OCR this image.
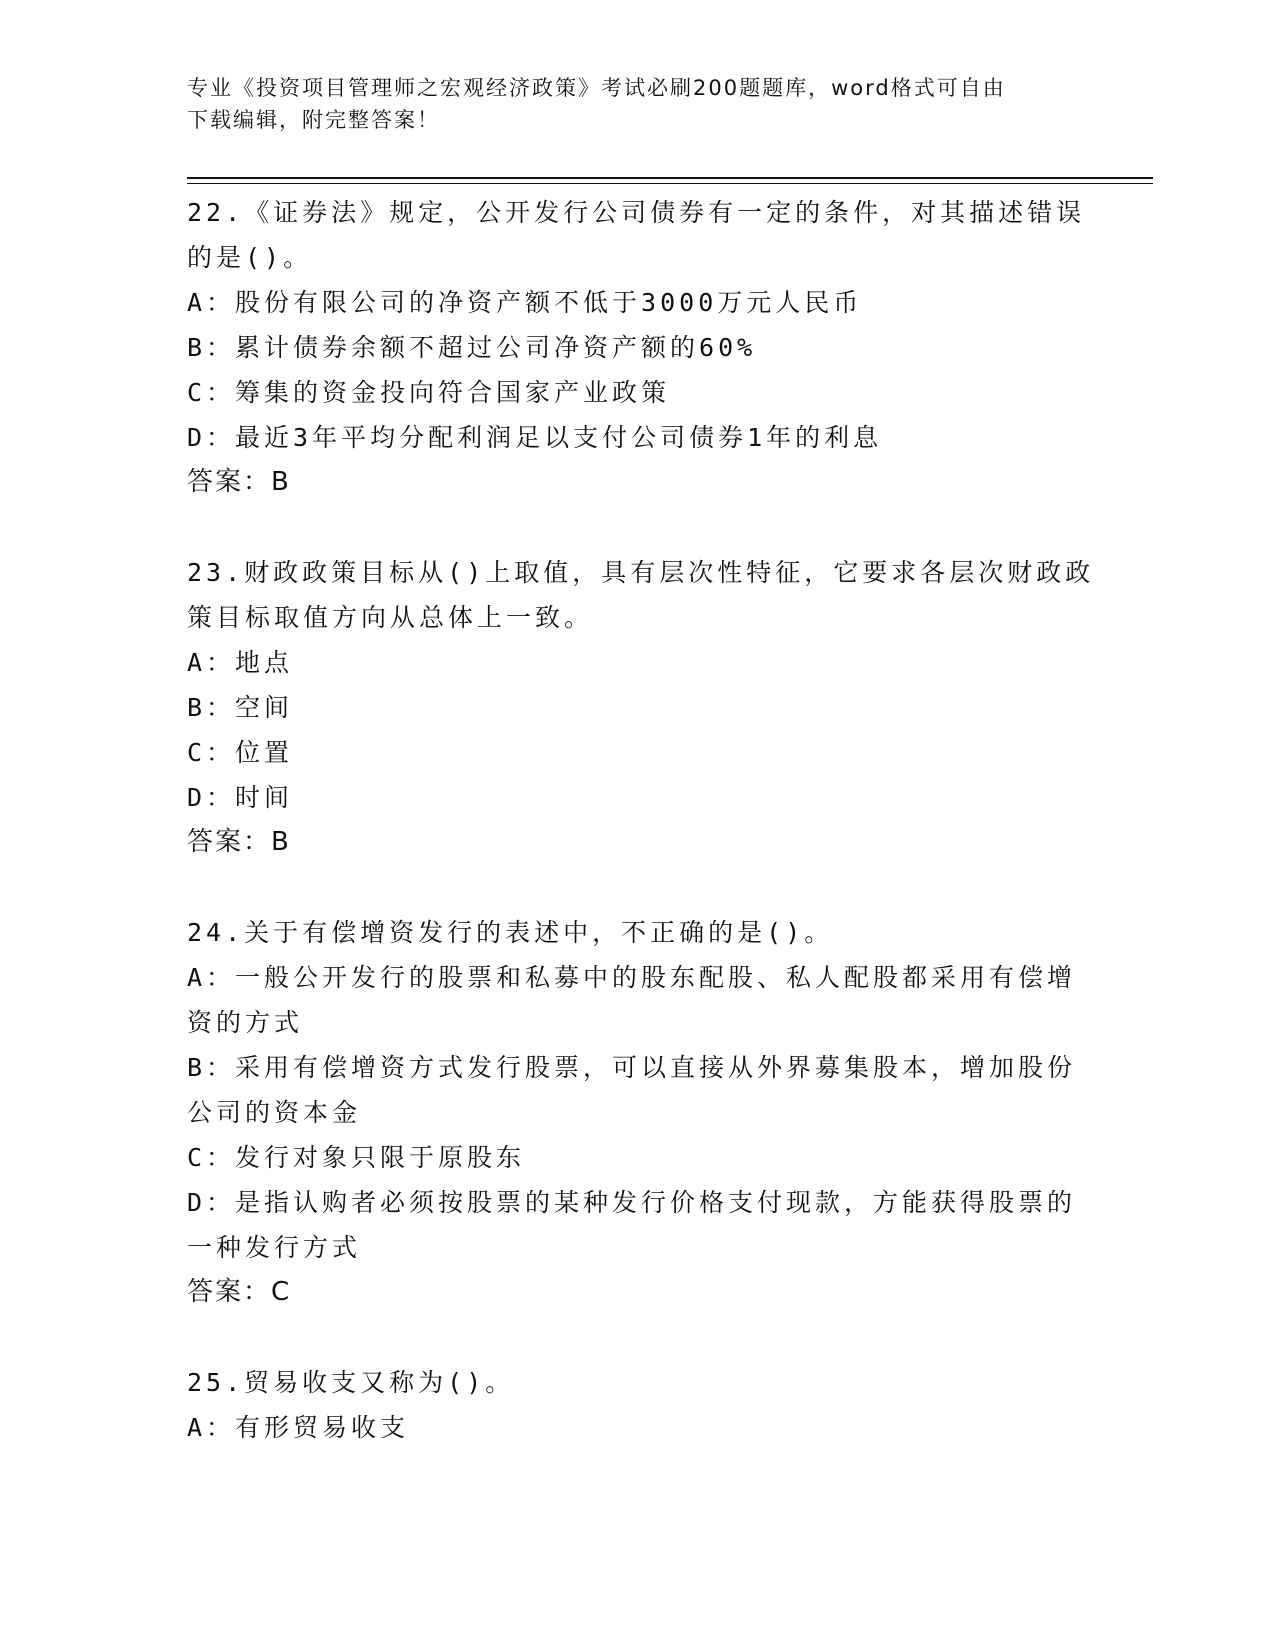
专业《投资项目管理师之宏观经济政策》考试必刷200题题库，word格式可自由
下载编辑，附完整答案！
22.《证券法》规定，公开发行公司债券有一定的条件，对其描述错误
的是()。
A：股份有限公司的净资产额不低于3000万元人民币
B：累计债券余额不超过公司净资产额的60%
C：筹集的资金投向符合国家产业政策
D：最近3年平均分配利润足以支付公司债券1年的利息
答案：B
23.财政政策目标从()上取值，具有层次性特征，它要求各层次财政政
策目标取值方向从总体上一致。
A：地点
B：空间
C：位置
D：时间
答案：B
24.关于有偿增资发行的表述中，不正确的是()。
A：一般公开发行的股票和私募中的股东配股、私人配股都采用有偿增
资的方式
B：采用有偿增资方式发行股票，可以直接从外界募集股本，增加股份
公司的资本金
C：发行对象只限于原股东
D：是指认购者必须按股票的某种发行价格支付现款，方能获得股票的
一种发行方式
答案：C
25.贸易收支又称为()。
A：有形贸易收支
